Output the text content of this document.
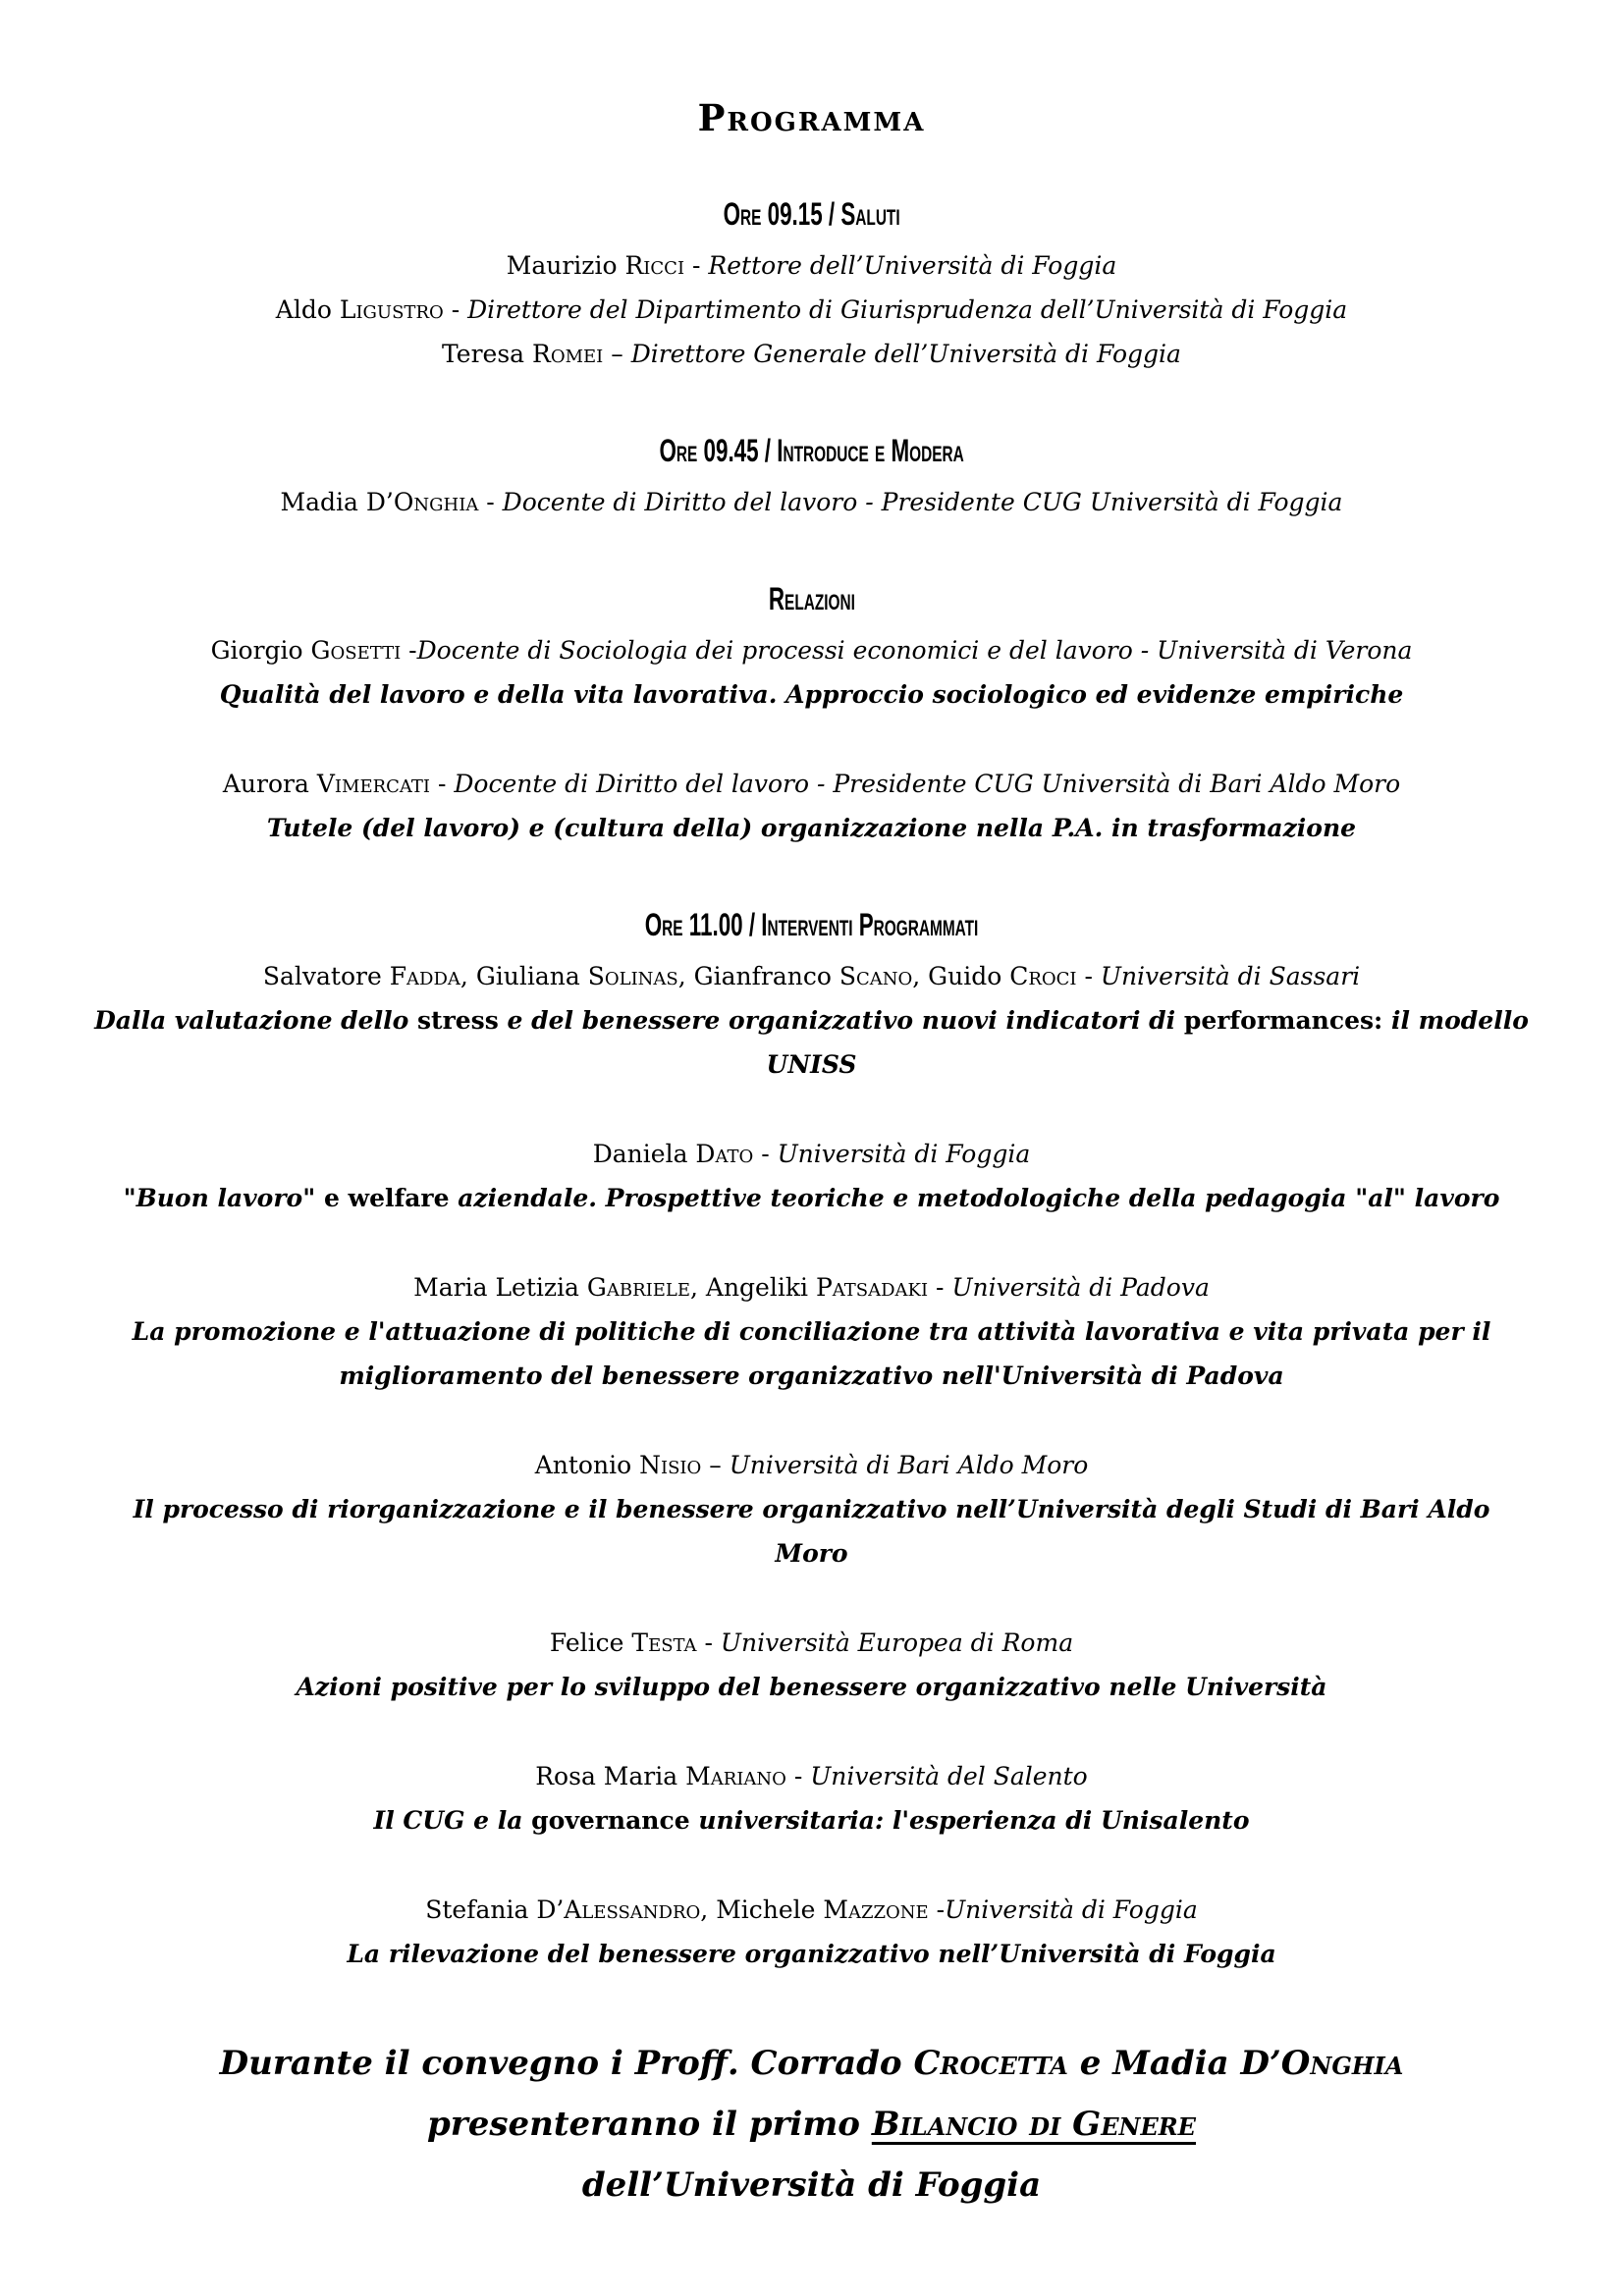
Programma
Ore 09.15 / Saluti

Maurizio Ricci - Rettore dell’Università di Foggia

Aldo Ligustro - Direttore del Dipartimento di Giurisprudenza dell’Università di Foggia

Teresa Romei – Direttore Generale dell’Università di Foggia

Ore 09.45 / Introduce e Modera

Madia D’Onghia - Docente di Diritto del lavoro - Presidente CUG Università di Foggia

Relazioni

Giorgio Gosetti -Docente di Sociologia dei processi economici e del lavoro - Università di Verona

Qualità del lavoro e della vita lavorativa. Approccio sociologico ed evidenze empiriche

Aurora Vimercati - Docente di Diritto del lavoro - Presidente CUG Università di Bari Aldo Moro

Tutele (del lavoro) e (cultura della) organizzazione nella P.A. in trasformazione

Ore 11.00 / Interventi Programmati

Salvatore Fadda, Giuliana Solinas, Gianfranco Scano, Guido Croci - Università di Sassari

Dalla valutazione dello stress e del benessere organizzativo nuovi indicatori di performances: il modello UNISS

Daniela Dato - Università di Foggia

"Buon lavoro" e welfare aziendale. Prospettive teoriche e metodologiche della pedagogia "al" lavoro

Maria Letizia Gabriele, Angeliki Patsadaki - Università di Padova

La promozione e l'attuazione di politiche di conciliazione tra attività lavorativa e vita privata per il miglioramento del benessere organizzativo nell'Università di Padova

Antonio Nisio – Università di Bari Aldo Moro

Il processo di riorganizzazione e il benessere organizzativo nell’Università degli Studi di Bari Aldo Moro

Felice Testa - Università Europea di Roma

Azioni positive per lo sviluppo del benessere organizzativo nelle Università

Rosa Maria Mariano - Università del Salento

Il CUG e la governance universitaria: l'esperienza di Unisalento

Stefania D’Alessandro, Michele Mazzone -Università di Foggia

La rilevazione del benessere organizzativo nell’Università di Foggia

Durante il convegno i Proff. Corrado Crocetta e Madia D’Onghia
presenteranno il primo Bilancio di Genere
dell’Università di Foggia
